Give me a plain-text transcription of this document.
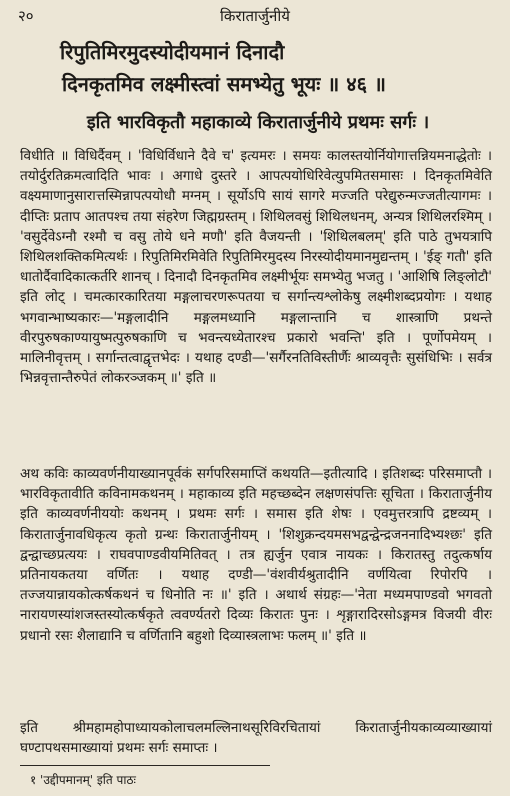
२०	किरातार्जुनीये
रिपुतिमिरमुदस्योदीयमानं दिनादौ
दिनकृतमिव लक्ष्मीस्त्वां समभ्येतु भूयः ॥ ४६ ॥
इति भारविकृतौ महाकाव्ये किरातार्जुनीये प्रथमः सर्गः ।

विधीति ॥ विधिर्दैवम् । 'विधिर्विधाने दैवे च' इत्यमरः । समयः कालस्तयोर्नियोगात्तन्नियमनाद्धेतोः । तयोर्दुरतिक्रमत्वादिति भावः । अगाधे दुस्तरे । आपत्पयोधिरिवेत्युपमितसमासः । दिनकृतमिवेति वक्ष्यमाणानुसारात्तस्मिन्नापत्पयोधौ मग्नम् । सूर्योऽपि सायं सागरे मज्जति परेद्युरुन्मज्जतीत्यागमः । दीप्तिः प्रताप आतपश्च तया संहरेण जिह्मग्रस्तम् । शिथिलवसुं शिथिलधनम्, अन्यत्र शिथिलरश्मिम् । 'वसुर्देवेऽग्नौ रश्मौ च वसु तोये धने मणौ' इति वैजयन्ती । 'शिथिलबलम्' इति पाठे तुभयत्रापि शिथिलशक्तिकमित्यर्थः । रिपुतिमिरमिवेति रिपुतिमिरमुदस्य निरस्योदीयमानमुद्यन्तम् । 'ईङ् गतौ' इति धातोर्दैवादिकात्कर्तरि शानच् । दिनादौ दिनकृतमिव लक्ष्मीर्भूयः समभ्येतु भजतु । 'आशिषि लिङ्लोटौ' इति लोट् । चमत्कारकारितया मङ्गलाचरणरूपतया च सर्गान्त्यश्लोकेषु लक्ष्मीशब्दप्रयोगः । यथाह भगवान्भाष्यकारः—'मङ्गलादीनि मङ्गलमध्यानि मङ्गलान्तानि च शास्त्राणि प्रथन्ते वीरपुरुषकाण्यायुष्मत्पुरुषकाणि च भवन्त्यध्येतारश्च प्रकारो भवन्ति' इति । पूर्णोपमेयम् । मालिनीवृत्तम् । सर्गान्तत्वाद्वृत्तभेदः । यथाह दण्डी—'सर्गैरनतिविस्तीर्णैः श्राव्यवृत्तैः सुसंधिभिः । सर्वत्र भिन्नवृत्तान्तैरुपेतं लोकरञ्जकम् ॥' इति ॥

अथ कविः काव्यवर्णनीयाख्यानपूर्वकं सर्गपरिसमाप्तिं कथयति—इतीत्यादि । इतिशब्दः परिसमाप्तौ । भारविकृतावीति कविनामकथनम् । महाकाव्य इति महच्छब्देन लक्षणसंपत्तिः सूचिता । किरातार्जुनीय इति काव्यवर्णनीययोः कथनम् । प्रथमः सर्गः । समास इति शेषः । एवमुत्तरत्रापि द्रष्टव्यम् । किरातार्जुनावधिकृत्य कृतो ग्रन्थः किरातार्जुनीयम् । 'शिशुक्रन्दयमसभद्वन्द्वेन्द्रजननादिभ्यश्छः' इति द्वन्द्वाच्छप्रत्ययः । राघवपाण्डवीयमितिवत् । तत्र ह्यर्जुन एवात्र नायकः । किरातस्तु तदुत्कर्षाय प्रतिनायकतया वर्णितः । यथाह दण्डी—'वंशवीर्यश्रुतादीनि वर्णयित्वा रिपोरपि । तज्जयान्नायकोत्कर्षकथनं च धिनोति नः ॥' इति । अथार्थ संग्रहः—'नेता मध्यमपाण्डवो भगवतो नारायणस्यांशजस्तस्योत्कर्षकृते त्ववर्ण्यतरो दिव्यः किरातः पुनः । शृङ्गारादिरसोऽङ्गमत्र विजयी वीरः प्रधानो रसः शैलाद्यानि च वर्णितानि बहुशो दिव्यास्त्रलाभः फलम् ॥' इति ॥

इति श्रीमहामहोपाध्यायकोलाचलमल्लिनाथसूरिविरचितायां किरातार्जुनीयकाव्यव्याख्यायां घण्टापथसमाख्यायां प्रथमः सर्गः समाप्तः ।

१ 'उद्दीपमानम्' इति पाठः
